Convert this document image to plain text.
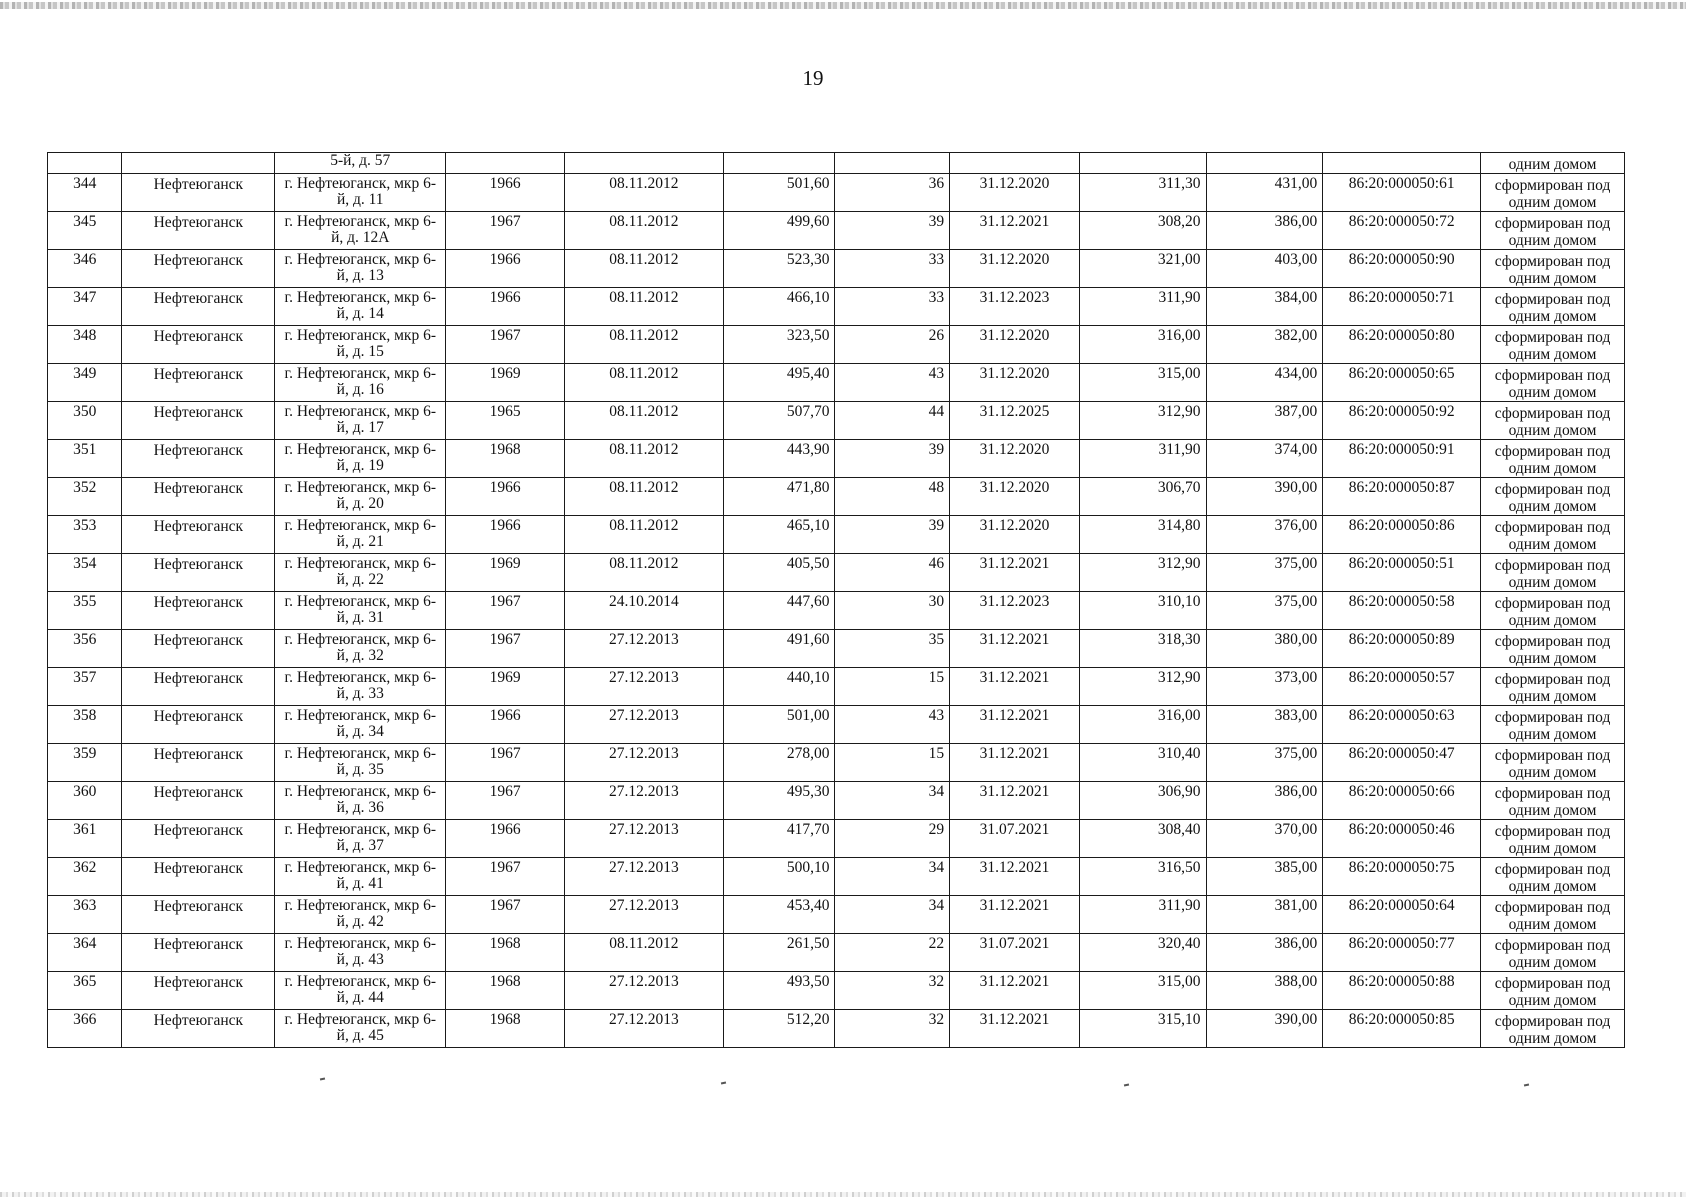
19
		5-й, д. 57									одним домом
344	Нефтеюганск	г. Нефтеюганск, мкр 6-й, д. 11	1966	08.11.2012	501,60	36	31.12.2020	311,30	431,00	86:20:000050:61	сформирован под одним домом
345	Нефтеюганск	г. Нефтеюганск, мкр 6-й, д. 12А	1967	08.11.2012	499,60	39	31.12.2021	308,20	386,00	86:20:000050:72	сформирован под одним домом
346	Нефтеюганск	г. Нефтеюганск, мкр 6-й, д. 13	1966	08.11.2012	523,30	33	31.12.2020	321,00	403,00	86:20:000050:90	сформирован под одним домом
347	Нефтеюганск	г. Нефтеюганск, мкр 6-й, д. 14	1966	08.11.2012	466,10	33	31.12.2023	311,90	384,00	86:20:000050:71	сформирован под одним домом
348	Нефтеюганск	г. Нефтеюганск, мкр 6-й, д. 15	1967	08.11.2012	323,50	26	31.12.2020	316,00	382,00	86:20:000050:80	сформирован под одним домом
349	Нефтеюганск	г. Нефтеюганск, мкр 6-й, д. 16	1969	08.11.2012	495,40	43	31.12.2020	315,00	434,00	86:20:000050:65	сформирован под одним домом
350	Нефтеюганск	г. Нефтеюганск, мкр 6-й, д. 17	1965	08.11.2012	507,70	44	31.12.2025	312,90	387,00	86:20:000050:92	сформирован под одним домом
351	Нефтеюганск	г. Нефтеюганск, мкр 6-й, д. 19	1968	08.11.2012	443,90	39	31.12.2020	311,90	374,00	86:20:000050:91	сформирован под одним домом
352	Нефтеюганск	г. Нефтеюганск, мкр 6-й, д. 20	1966	08.11.2012	471,80	48	31.12.2020	306,70	390,00	86:20:000050:87	сформирован под одним домом
353	Нефтеюганск	г. Нефтеюганск, мкр 6-й, д. 21	1966	08.11.2012	465,10	39	31.12.2020	314,80	376,00	86:20:000050:86	сформирован под одним домом
354	Нефтеюганск	г. Нефтеюганск, мкр 6-й, д. 22	1969	08.11.2012	405,50	46	31.12.2021	312,90	375,00	86:20:000050:51	сформирован под одним домом
355	Нефтеюганск	г. Нефтеюганск, мкр 6-й, д. 31	1967	24.10.2014	447,60	30	31.12.2023	310,10	375,00	86:20:000050:58	сформирован под одним домом
356	Нефтеюганск	г. Нефтеюганск, мкр 6-й, д. 32	1967	27.12.2013	491,60	35	31.12.2021	318,30	380,00	86:20:000050:89	сформирован под одним домом
357	Нефтеюганск	г. Нефтеюганск, мкр 6-й, д. 33	1969	27.12.2013	440,10	15	31.12.2021	312,90	373,00	86:20:000050:57	сформирован под одним домом
358	Нефтеюганск	г. Нефтеюганск, мкр 6-й, д. 34	1966	27.12.2013	501,00	43	31.12.2021	316,00	383,00	86:20:000050:63	сформирован под одним домом
359	Нефтеюганск	г. Нефтеюганск, мкр 6-й, д. 35	1967	27.12.2013	278,00	15	31.12.2021	310,40	375,00	86:20:000050:47	сформирован под одним домом
360	Нефтеюганск	г. Нефтеюганск, мкр 6-й, д. 36	1967	27.12.2013	495,30	34	31.12.2021	306,90	386,00	86:20:000050:66	сформирован под одним домом
361	Нефтеюганск	г. Нефтеюганск, мкр 6-й, д. 37	1966	27.12.2013	417,70	29	31.07.2021	308,40	370,00	86:20:000050:46	сформирован под одним домом
362	Нефтеюганск	г. Нефтеюганск, мкр 6-й, д. 41	1967	27.12.2013	500,10	34	31.12.2021	316,50	385,00	86:20:000050:75	сформирован под одним домом
363	Нефтеюганск	г. Нефтеюганск, мкр 6-й, д. 42	1967	27.12.2013	453,40	34	31.12.2021	311,90	381,00	86:20:000050:64	сформирован под одним домом
364	Нефтеюганск	г. Нефтеюганск, мкр 6-й, д. 43	1968	08.11.2012	261,50	22	31.07.2021	320,40	386,00	86:20:000050:77	сформирован под одним домом
365	Нефтеюганск	г. Нефтеюганск, мкр 6-й, д. 44	1968	27.12.2013	493,50	32	31.12.2021	315,00	388,00	86:20:000050:88	сформирован под одним домом
366	Нефтеюганск	г. Нефтеюганск, мкр 6-й, д. 45	1968	27.12.2013	512,20	32	31.12.2021	315,10	390,00	86:20:000050:85	сформирован под одним домом
